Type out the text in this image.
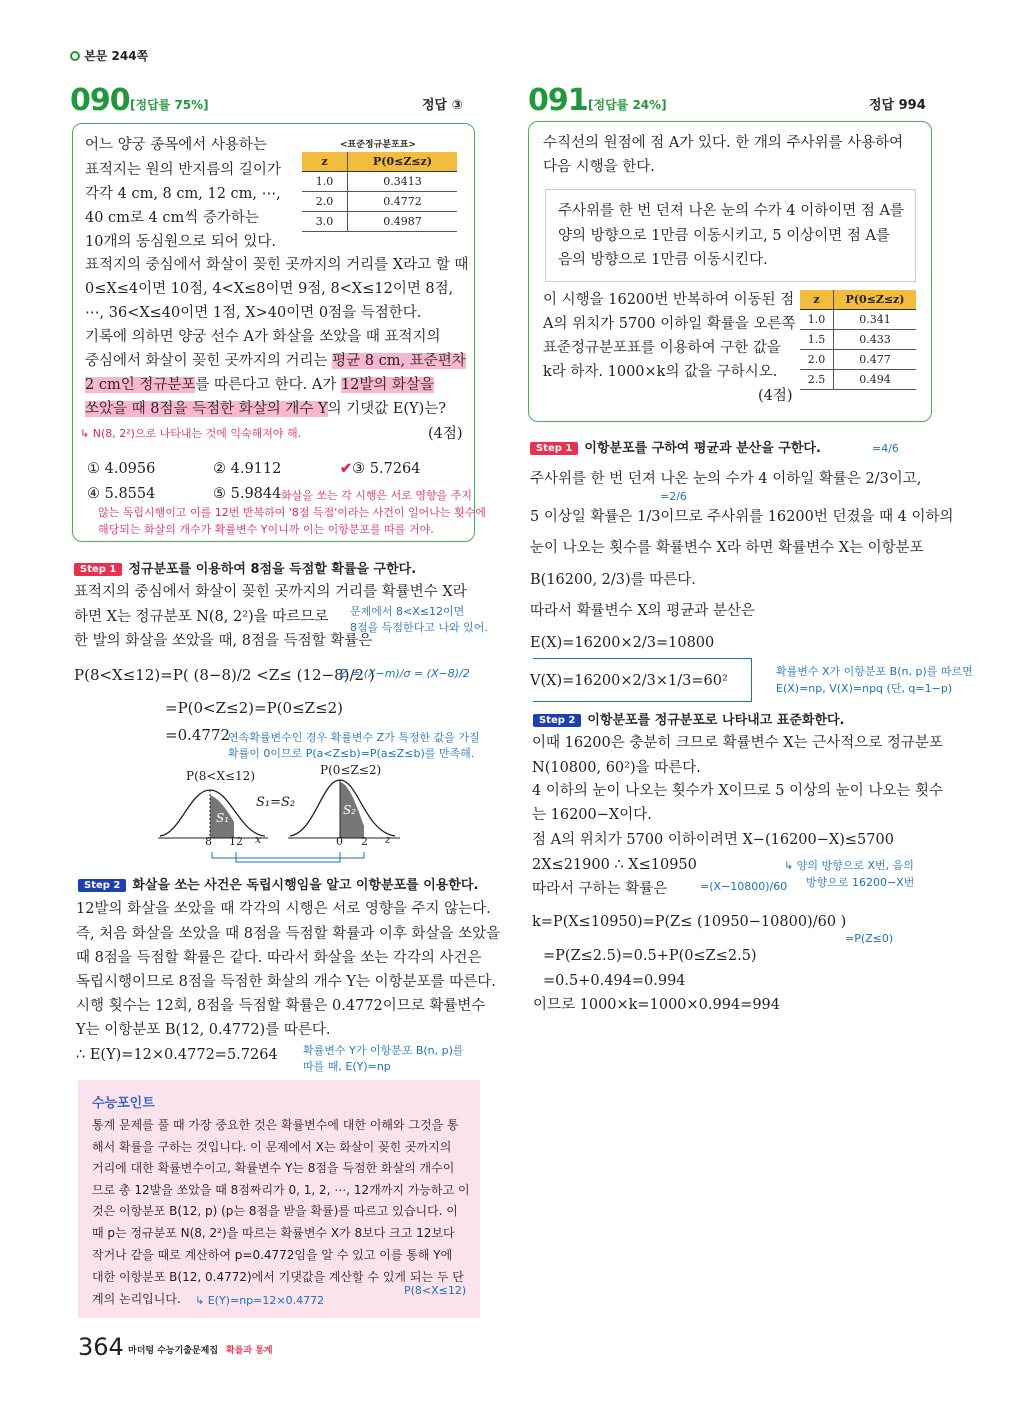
본문 244쪽
090 [정답률 75%]	정답 ③
어느 양궁 종목에서 사용하는
표적지는 원의 반지름의 길이가
각각 4 cm, 8 cm, 12 cm, ⋯,
40 cm로 4 cm씩 증가하는
10개의 동심원으로 되어 있다.
표적지의 중심에서 화살이 꽂힌 곳까지의 거리를 X라고 할 때
0≤X≤4이면 10점, 4<X≤8이면 9점, 8<X≤12이면 8점,
⋯, 36<X≤40이면 1점, X>40이면 0점을 득점한다.
기록에 의하면 양궁 선수 A가 화살을 쏘았을 때 표적지의
중심에서 화살이 꽂힌 곳까지의 거리는 평균 8 cm, 표준편차
2 cm인 정규분포를 따른다고 한다. A가 12발의 화살을
쏘았을 때 8점을 득점한 화살의 개수 Y의 기댓값 E(Y)는?
↳ N(8, 2²)으로 나타내는 것에 익숙해져야 해.	(4점)
<표준정규분포표>
z	P(0≤Z≤z)
1.0	0.3413
2.0	0.4772
3.0	0.4987
① 4.0956	② 4.9112	✔③ 5.7264
④ 5.8554	⑤ 5.9844 화살을 쏘는 각 시행은 서로 영향을 주지
않는 독립시행이고 이를 12번 반복하여 '8점 득점'이라는 사건이 일어나는 횟수에
해당되는 화살의 개수가 확률변수 Y이니까 이는 이항분포를 따를 거야.
Step 1 정규분포를 이용하여 8점을 득점할 확률을 구한다.
표적지의 중심에서 화살이 꽂힌 곳까지의 거리를 확률변수 X라
하면 X는 정규분포 N(8, 2²)을 따르므로
한 발의 화살을 쏘았을 때, 8점을 득점할 확률은
문제에서 8<X≤12이면
8점을 득점한다고 나와 있어.
P(8<X≤12)=P( (8−8)/2 <Z≤ (12−8)/2 )
Z = (X−m)/σ = (X−8)/2
=P(0<Z≤2)=P(0≤Z≤2)
=0.4772
연속확률변수인 경우 확률변수 Z가 특정한 값을 가질
확률이 0이므로 P(a<Z≤b)=P(a≤Z≤b)를 만족해.
P(8<X≤12)	P(0≤Z≤2)
S₁=S₂
S₁
S₂
8 12 x	0 2 z
Step 2 화살을 쏘는 사건은 독립시행임을 알고 이항분포를 이용한다.
12발의 화살을 쏘았을 때 각각의 시행은 서로 영향을 주지 않는다.
즉, 처음 화살을 쏘았을 때 8점을 득점할 확률과 이후 화살을 쏘았을
때 8점을 득점할 확률은 같다. 따라서 화살을 쏘는 각각의 사건은
독립시행이므로 8점을 득점한 화살의 개수 Y는 이항분포를 따른다.
시행 횟수는 12회, 8점을 득점할 확률은 0.4772이므로 확률변수
Y는 이항분포 B(12, 0.4772)를 따른다.
∴ E(Y)=12×0.4772=5.7264 확률변수 Y가 이항분포 B(n, p)를
따를 때, E(Y)=np
수능포인트
통계 문제를 풀 때 가장 중요한 것은 확률변수에 대한 이해와 그것을 통
해서 확률을 구하는 것입니다. 이 문제에서 X는 화살이 꽂힌 곳까지의
거리에 대한 확률변수이고, 확률변수 Y는 8점을 득점한 화살의 개수이
므로 총 12발을 쏘았을 때 8점짜리가 0, 1, 2, ⋯, 12개까지 가능하고 이
것은 이항분포 B(12, p) (p는 8점을 받을 확률)를 따르고 있습니다. 이
때 p는 정규분포 N(8, 2²)을 따르는 확률변수 X가 8보다 크고 12보다
작거나 같을 때로 계산하여 p=0.4772임을 알 수 있고 이를 통해 Y에
대한 이항분포 B(12, 0.4772)에서 기댓값을 계산할 수 있게 되는 두 단
계의 논리입니다. ↳ E(Y)=np=12×0.4772
P(8<X≤12)
364 마더텅 수능기출문제집 확률과 통계
091 [정답률 24%]	정답 994
수직선의 원점에 점 A가 있다. 한 개의 주사위를 사용하여
다음 시행을 한다.
주사위를 한 번 던져 나온 눈의 수가 4 이하이면 점 A를
양의 방향으로 1만큼 이동시키고, 5 이상이면 점 A를
음의 방향으로 1만큼 이동시킨다.
이 시행을 16200번 반복하여 이동된 점
A의 위치가 5700 이하일 확률을 오른쪽
표준정규분포표를 이용하여 구한 값을
k라 하자. 1000×k의 값을 구하시오.
(4점)
z	P(0≤Z≤z)
1.0	0.341
1.5	0.433
2.0	0.477
2.5	0.494
Step 1 이항분포를 구하여 평균과 분산을 구한다.	=4/6
주사위를 한 번 던져 나온 눈의 수가 4 이하일 확률은 2/3이고,
=2/6
5 이상일 확률은 1/3이므로 주사위를 16200번 던졌을 때 4 이하의
눈이 나오는 횟수를 확률변수 X라 하면 확률변수 X는 이항분포
B(16200, 2/3)를 따른다.
따라서 확률변수 X의 평균과 분산은
E(X)=16200×2/3=10800
V(X)=16200×2/3×1/3=60²
확률변수 X가 이항분포 B(n, p)를 따르면
E(X)=np, V(X)=npq (단, q=1−p)
Step 2 이항분포를 정규분포로 나타내고 표준화한다.
이때 16200은 충분히 크므로 확률변수 X는 근사적으로 정규분포
N(10800, 60²)을 따른다.
4 이하의 눈이 나오는 횟수가 X이므로 5 이상의 눈이 나오는 횟수
는 16200−X이다.
점 A의 위치가 5700 이하이려면 X−(16200−X)≤5700
2X≤21900 ∴ X≤10950
따라서 구하는 확률은
↳ 양의 방향으로 X번, 음의
방향으로 16200−X번
=(X−10800)/60
k=P(X≤10950)=P(Z≤ (10950−10800)/60 )
=P(Z≤0)
=P(Z≤2.5)=0.5+P(0≤Z≤2.5)
=0.5+0.494=0.994
이므로 1000×k=1000×0.994=994
